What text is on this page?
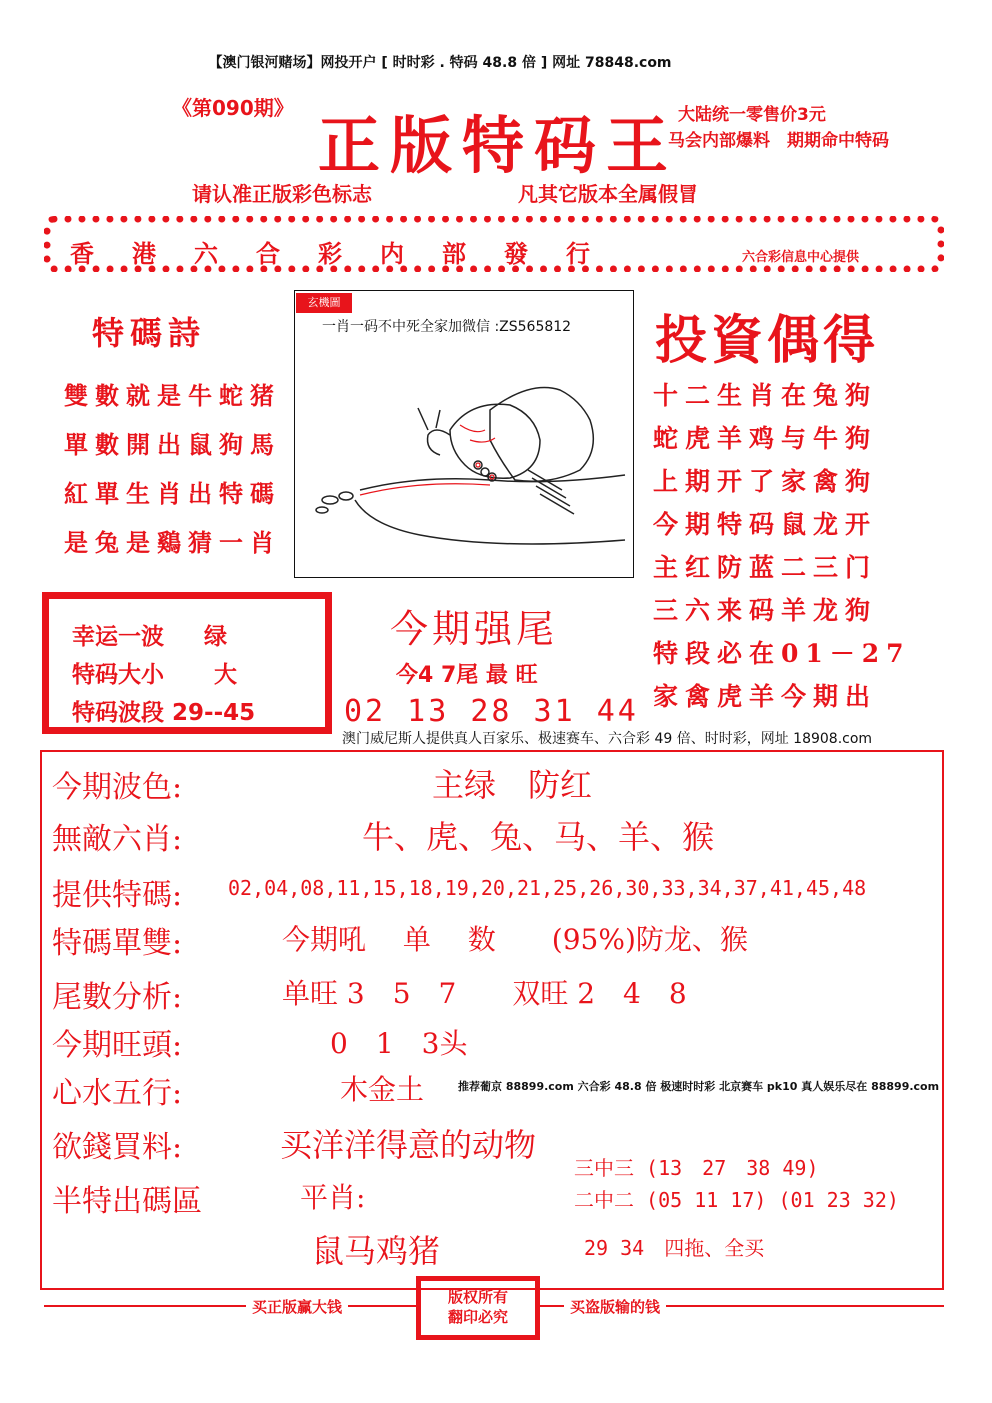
【澳门银河赌场】网投开户 [ 时时彩 . 特码 48.8 倍 ] 网址 78848.com
《第090期》
正版特码王 大陆统一零售价3元
马会内部爆料　期期命中特码
请认准正版彩色标志	凡其它版本全属假冒
香港六合彩内部發行	六合彩信息中心提供
特碼詩
雙數就是牛蛇猪
單數開出鼠狗馬
紅單生肖出特碼
是兔是鷄猜一肖
玄機圖
一肖一码不中死全家加微信 :ZS565812 投資偶得
十二生肖在兔狗
蛇虎羊鸡与牛狗
上期开了家禽狗
今期特码鼠龙开
主红防蓝二三门
三六来码羊龙狗
特段必在01－27
家禽虎羊今期出
幸运一波 绿
特码大小 大
特码波段 29--45
今期强尾
今4 7尾 最 旺
02 13 28 31 44
澳门威尼斯人提供真人百家乐、极速赛车、六合彩 49 倍、时时彩，网址 18908.com
今期波色:	主绿　防红
無敵六肖:	牛、虎、兔、马、羊、猴
提供特碼: 02,04,08,11,15,18,19,20,21,25,26,30,33,34,37,41,45,48
特碼單雙:	今期吼　 单　 数　　(95%)防龙、猴
尾數分析:	单旺 3　5　7　　双旺 2　4　8
今期旺頭:	0　1　3头
心水五行:	木金土	推荐葡京 88899.com 六合彩 48.8 倍 极速时时彩 北京赛车 pk10 真人娱乐尽在 88899.com
欲錢買料:	买洋洋得意的动物
半特出碼區	平肖:
鼠马鸡猪
三中三 (13　27　38 49)
二中二 (05 11 17) (01 23 32)
29 34　四拖、全买
买正版赢大钱	买盗版输的钱
版权所有
翻印必究
